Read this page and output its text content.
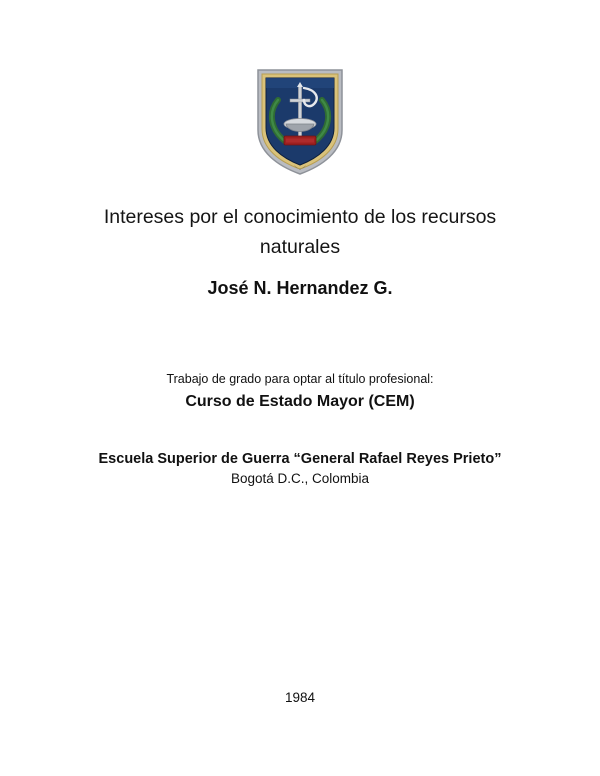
Intereses por el conocimiento de los recursos naturales
José N. Hernandez G.
Trabajo de grado para optar al título profesional:
Curso de Estado Mayor (CEM)
Escuela Superior de Guerra “General Rafael Reyes Prieto”
Bogotá D.C., Colombia
1984
